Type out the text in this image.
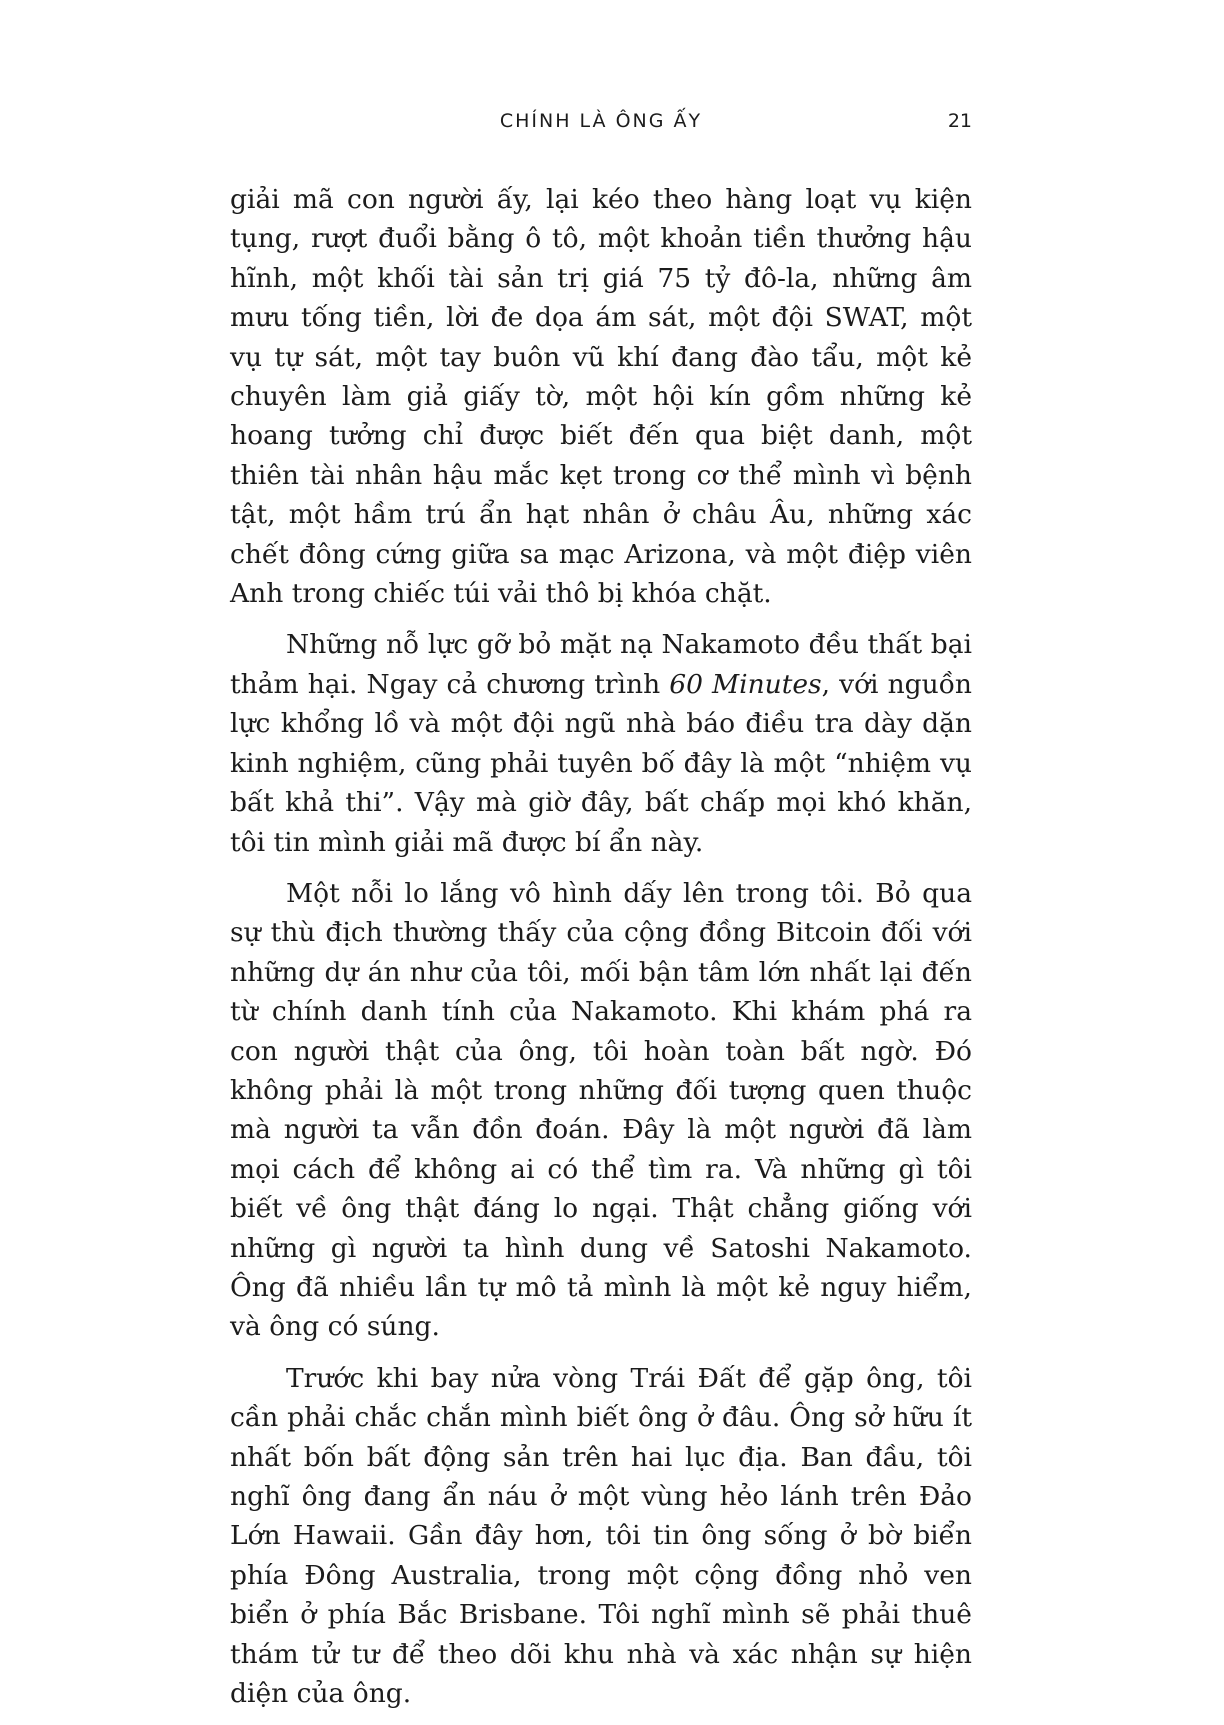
CHÍNH LÀ ÔNG ẤY	21

giải mã con người ấy, lại kéo theo hàng loạt vụ kiện tụng, rượt đuổi bằng ô tô, một khoản tiền thưởng hậu hĩnh, một khối tài sản trị giá 75 tỷ đô-la, những âm mưu tống tiền, lời đe dọa ám sát, một đội SWAT, một vụ tự sát, một tay buôn vũ khí đang đào tẩu, một kẻ chuyên làm giả giấy tờ, một hội kín gồm những kẻ hoang tưởng chỉ được biết đến qua biệt danh, một thiên tài nhân hậu mắc kẹt trong cơ thể mình vì bệnh tật, một hầm trú ẩn hạt nhân ở châu Âu, những xác chết đông cứng giữa sa mạc Arizona, và một điệp viên Anh trong chiếc túi vải thô bị khóa chặt.

Những nỗ lực gỡ bỏ mặt nạ Nakamoto đều thất bại thảm hại. Ngay cả chương trình 60 Minutes, với nguồn lực khổng lồ và một đội ngũ nhà báo điều tra dày dặn kinh nghiệm, cũng phải tuyên bố đây là một “nhiệm vụ bất khả thi”. Vậy mà giờ đây, bất chấp mọi khó khăn, tôi tin mình giải mã được bí ẩn này.

Một nỗi lo lắng vô hình dấy lên trong tôi. Bỏ qua sự thù địch thường thấy của cộng đồng Bitcoin đối với những dự án như của tôi, mối bận tâm lớn nhất lại đến từ chính danh tính của Nakamoto. Khi khám phá ra con người thật của ông, tôi hoàn toàn bất ngờ. Đó không phải là một trong những đối tượng quen thuộc mà người ta vẫn đồn đoán. Đây là một người đã làm mọi cách để không ai có thể tìm ra. Và những gì tôi biết về ông thật đáng lo ngại. Thật chẳng giống với những gì người ta hình dung về Satoshi Nakamoto. Ông đã nhiều lần tự mô tả mình là một kẻ nguy hiểm, và ông có súng.

Trước khi bay nửa vòng Trái Đất để gặp ông, tôi cần phải chắc chắn mình biết ông ở đâu. Ông sở hữu ít nhất bốn bất động sản trên hai lục địa. Ban đầu, tôi nghĩ ông đang ẩn náu ở một vùng hẻo lánh trên Đảo Lớn Hawaii. Gần đây hơn, tôi tin ông sống ở bờ biển phía Đông Australia, trong một cộng đồng nhỏ ven biển ở phía Bắc Brisbane. Tôi nghĩ mình sẽ phải thuê thám tử tư để theo dõi khu nhà và xác nhận sự hiện diện của ông.
